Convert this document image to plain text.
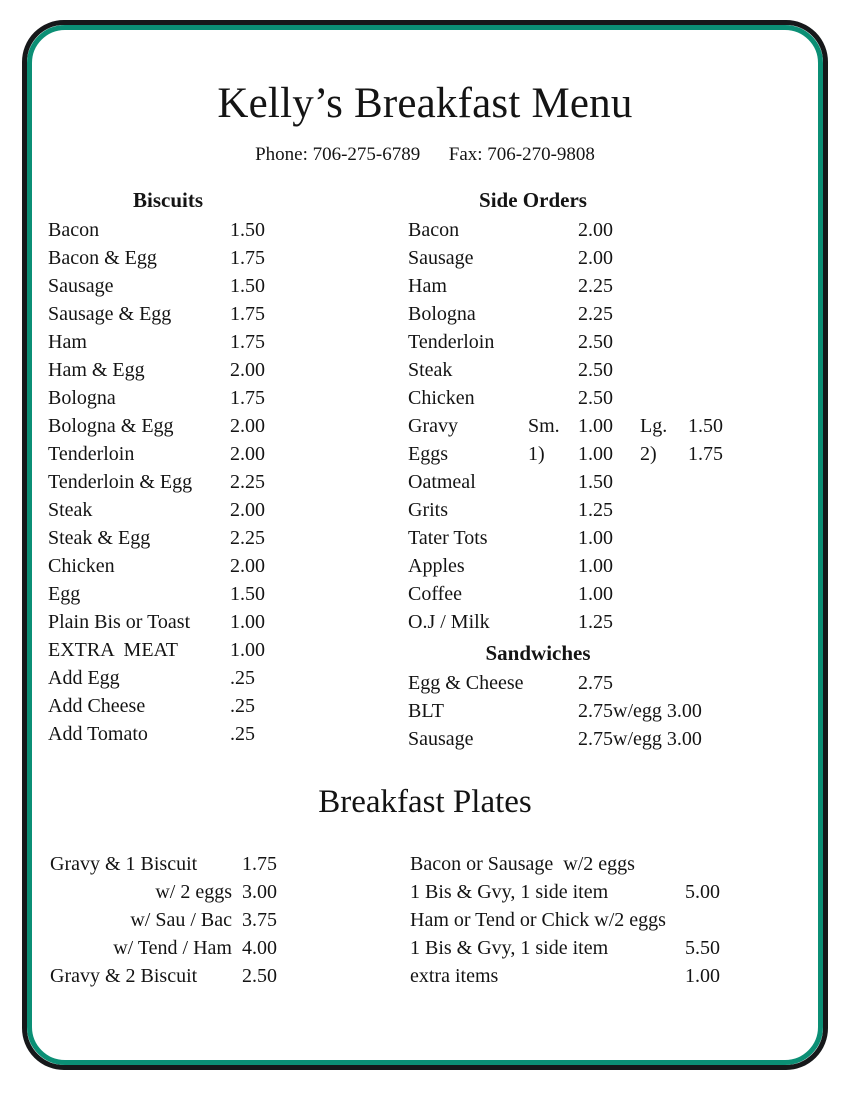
Kelly’s Breakfast Menu
Phone: 706-275-6789      Fax: 706-270-9808
Biscuits
Bacon	1.50
Bacon & Egg	1.75
Sausage	1.50
Sausage & Egg	1.75
Ham	1.75
Ham & Egg	2.00
Bologna	1.75
Bologna & Egg	2.00
Tenderloin	2.00
Tenderloin & Egg	2.25
Steak	2.00
Steak & Egg	2.25
Chicken	2.00
Egg	1.50
Plain Bis or Toast	1.00
EXTRA  MEAT	1.00
Add Egg	.25
Add Cheese	.25
Add Tomato	.25
Side Orders
Bacon	2.00
Sausage	2.00
Ham	2.25
Bologna	2.25
Tenderloin	2.50
Steak	2.50
Chicken	2.50
Gravy	Sm. 1.00	Lg.	1.50
Eggs	1)	1.00	2)	1.75
Oatmeal	1.50
Grits	1.25
Tater Tots	1.00
Apples	1.00
Coffee	1.00
O.J / Milk	1.25
Sandwiches
Egg & Cheese	2.75
BLT	2.75 w/egg 3.00
Sausage	2.75 w/egg 3.00
Breakfast Plates
Gravy & 1 Biscuit	1.75
w/ 2 eggs 3.00
w/ Sau / Bac 3.75
w/ Tend / Ham 4.00
Gravy & 2 Biscuit	2.50
Bacon or Sausage  w/2 eggs
1 Bis & Gvy, 1 side item	5.00
Ham or Tend or Chick w/2 eggs
1 Bis & Gvy, 1 side item	5.50
extra items	1.00
